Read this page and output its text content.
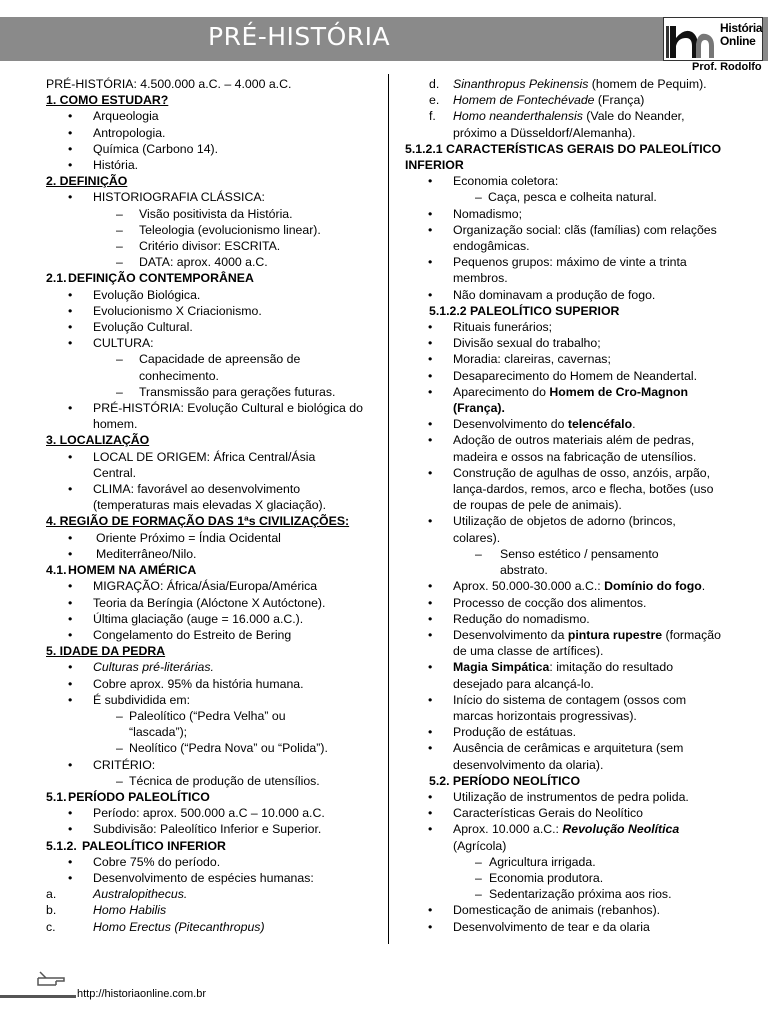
PRÉ-HISTÓRIA	História
Online
Prof. Rodolfo
PRÉ-HISTÓRIA: 4.500.000 a.C. – 4.000 a.C.
1. COMO ESTUDAR?
•	Arqueologia
•	Antropologia.
•	Química (Carbono 14).
•	História.
2. DEFINIÇÃO
•	HISTORIOGRAFIA CLÁSSICA:
–	Visão positivista da História.
–	Teleologia (evolucionismo linear).
–	Critério divisor: ESCRITA.
–	DATA: aprox. 4000 a.C.
2.1. DEFINIÇÃO CONTEMPORÂNEA
•	Evolução Biológica.
•	Evolucionismo X Criacionismo.
•	Evolução Cultural.
•	CULTURA:
–	Capacidade de apreensão de conhecimento.
–	Transmissão para gerações futuras.
•	PRÉ-HISTÓRIA: Evolução Cultural e biológica do homem.
3. LOCALIZAÇÃO
•	LOCAL DE ORIGEM: África Central/Ásia Central.
•	CLIMA: favorável ao desenvolvimento (temperaturas mais elevadas X glaciação).
4. REGIÃO DE FORMAÇÃO DAS 1ªs CIVILIZAÇÕES:
•	Oriente Próximo = Índia Ocidental
•	Mediterrâneo/Nilo.
4.1. HOMEM NA AMÉRICA
•	MIGRAÇÃO: África/Ásia/Europa/América
•	Teoria da Beríngia (Alóctone X Autóctone).
•	Última glaciação (auge = 16.000 a.C.).
•	Congelamento do Estreito de Bering
5. IDADE DA PEDRA
•	Culturas pré-literárias.
•	Cobre aprox. 95% da história humana.
•	É subdividida em:
– Paleolítico (“Pedra Velha” ou “lascada”);
– Neolítico (“Pedra Nova” ou “Polida”).
•	CRITÉRIO:
– Técnica de produção de utensílios.
5.1. PERÍODO PALEOLÍTICO
•	Período: aprox. 500.000 a.C – 10.000 a.C.
•	Subdivisão: Paleolítico Inferior e Superior.
5.1.2. PALEOLÍTICO INFERIOR
•	Cobre 75% do período.
•	Desenvolvimento de espécies humanas:
a.	Australopithecus.
b.	Homo Habilis
c.	Homo Erectus (Pitecanthropus)
d.	Sinanthropus Pekinensis (homem de Pequim).
e.	Homem de Fontechévade (França)
f.	Homo neanderthalensis (Vale do Neander, próximo a Düsseldorf/Alemanha).
5.1.2.1 CARACTERÍSTICAS GERAIS DO PALEOLÍTICO INFERIOR
•	Economia coletora:
– Caça, pesca e colheita natural.
•	Nomadismo;
•	Organização social: clãs (famílias) com relações endogâmicas.
•	Pequenos grupos: máximo de vinte a trinta membros.
•	Não dominavam a produção de fogo.
5.1.2.2 PALEOLÍTICO SUPERIOR
•	Rituais funerários;
•	Divisão sexual do trabalho;
•	Moradia: clareiras, cavernas;
•	Desaparecimento do Homem de Neandertal.
•	Aparecimento do Homem de Cro-Magnon (França).
•	Desenvolvimento do telencéfalo.
•	Adoção de outros materiais além de pedras, madeira e ossos na fabricação de utensílios.
•	Construção de agulhas de osso, anzóis, arpão, lança-dardos, remos, arco e flecha, botões (uso de roupas de pele de animais).
•	Utilização de objetos de adorno (brincos, colares).
–	Senso estético / pensamento abstrato.
•	Aprox. 50.000-30.000 a.C.: Domínio do fogo.
•	Processo de cocção dos alimentos.
•	Redução do nomadismo.
•	Desenvolvimento da pintura rupestre (formação de uma classe de artífices).
•	Magia Simpática: imitação do resultado desejado para alcançá-lo.
•	Início do sistema de contagem (ossos com marcas horizontais progressivas).
•	Produção de estátuas.
•	Ausência de cerâmicas e arquitetura (sem desenvolvimento da olaria).
5.2. PERÍODO NEOLÍTICO
•	Utilização de instrumentos de pedra polida.
•	Características Gerais do Neolítico
•	Aprox. 10.000 a.C.: Revolução Neolítica (Agrícola)
– Agricultura irrigada.
– Economia produtora.
– Sedentarização próxima aos rios.
•	Domesticação de animais (rebanhos).
•	Desenvolvimento de tear e da olaria
http://historiaonline.com.br
